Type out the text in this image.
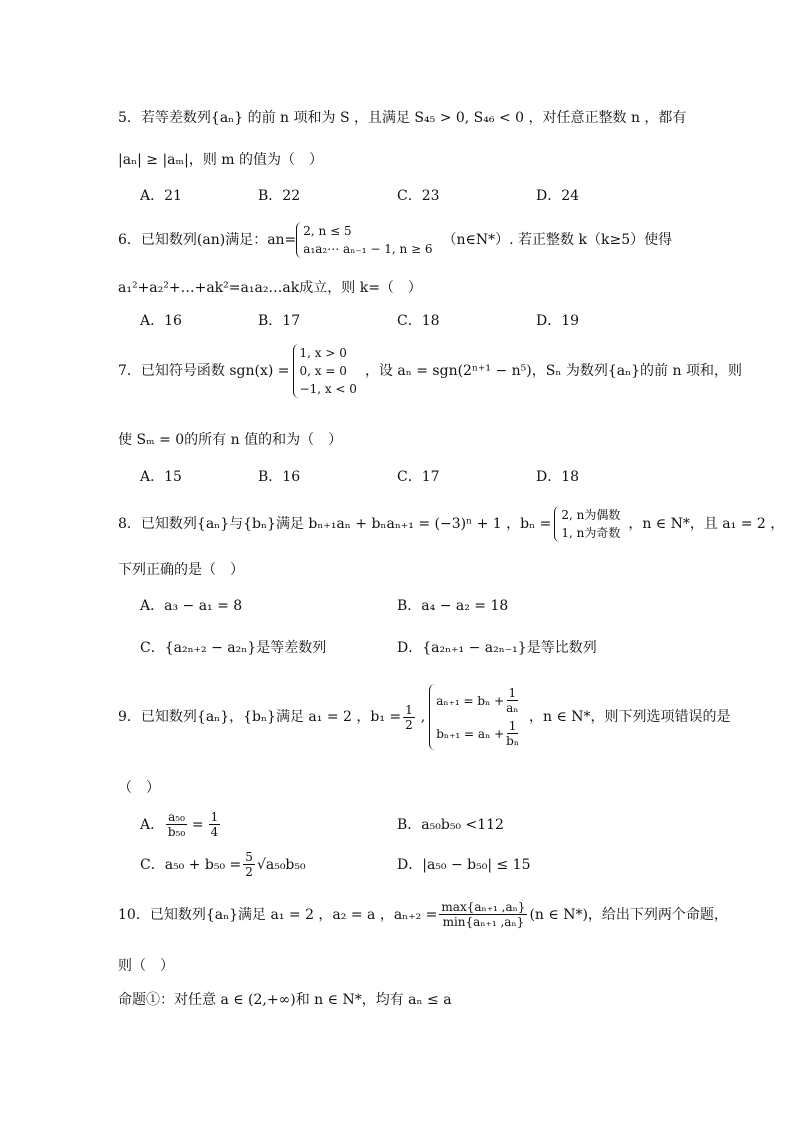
5．若等差数列{aₙ} 的前 n 项和为 S ，且满足 S₄₅ > 0, S₄₆ < 0 ，对任意正整数 n ，都有
|aₙ| ≥ |aₘ|，则 m 的值为（　）
A．21	B．22	C．23	D．24
6．已知数列(an)满足：an=
2, n ≤ 5
a₁a₂⋯ aₙ₋₁ − 1, n ≥ 6
（n∈N*）. 若正整数 k（k≥5）使得
a₁²+a₂²+…+ak²=a₁a₂…ak成立，则 k=（　）
A．16	B．17	C．18	D．19
7．已知符号函数 sgn(x) =
1, x > 0
0, x = 0
−1, x < 0
，设 aₙ = sgn(2ⁿ⁺¹ − n⁵)，Sₙ 为数列{aₙ}的前 n 项和，则
使 Sₘ = 0的所有 n 值的和为（　）
A．15	B．16	C．17	D．18
8．已知数列{aₙ}与{bₙ}满足 bₙ₊₁aₙ + bₙaₙ₊₁ = (−3)ⁿ + 1 ，bₙ =
2, n为偶数
1, n为奇数
，n ∈ N*，且 a₁ = 2 ，
下列正确的是（　）
A．a₃ − a₁ = 8	B．a₄ − a₂ = 18
C．{a₂ₙ₊₂ − a₂ₙ}是等差数列	D．{a₂ₙ₊₁ − a₂ₙ₋₁}是等比数列
9．已知数列{aₙ}，{bₙ}满足 a₁ = 2 ，$b_1 = \frac{1}{2}$ ,
$a_{n+1} = b_n + \frac{1}{\text{aₙ}}$
$b_{n+1} = a_n + \frac{1}{\text{bₙ}}$
，n ∈ N*，则下列选项错误的是
（　）
A． $\frac{\text{a₅₀}}{\text{b₅₀}} = \frac{1}{4}$	B．a₅₀b₅₀ <112
C． $a_{50} + b_{50} = \frac{5}{2} √a_{50}b_{50}$	D．|a₅₀ − b₅₀| ≤ 15
10．已知数列{aₙ}满足 a₁ = 2 ，a₂ = a ，$a_{n+2} = \frac{\text{max\{aₙ₊₁ ,aₙ\}}}{\text{min\{aₙ₊₁ ,aₙ\}}} (n$ ∈ N*)，给出下列两个命题，
则（　）
命题①：对任意 a ∈ (2,+∞)和 n ∈ N*，均有 aₙ ≤ a
